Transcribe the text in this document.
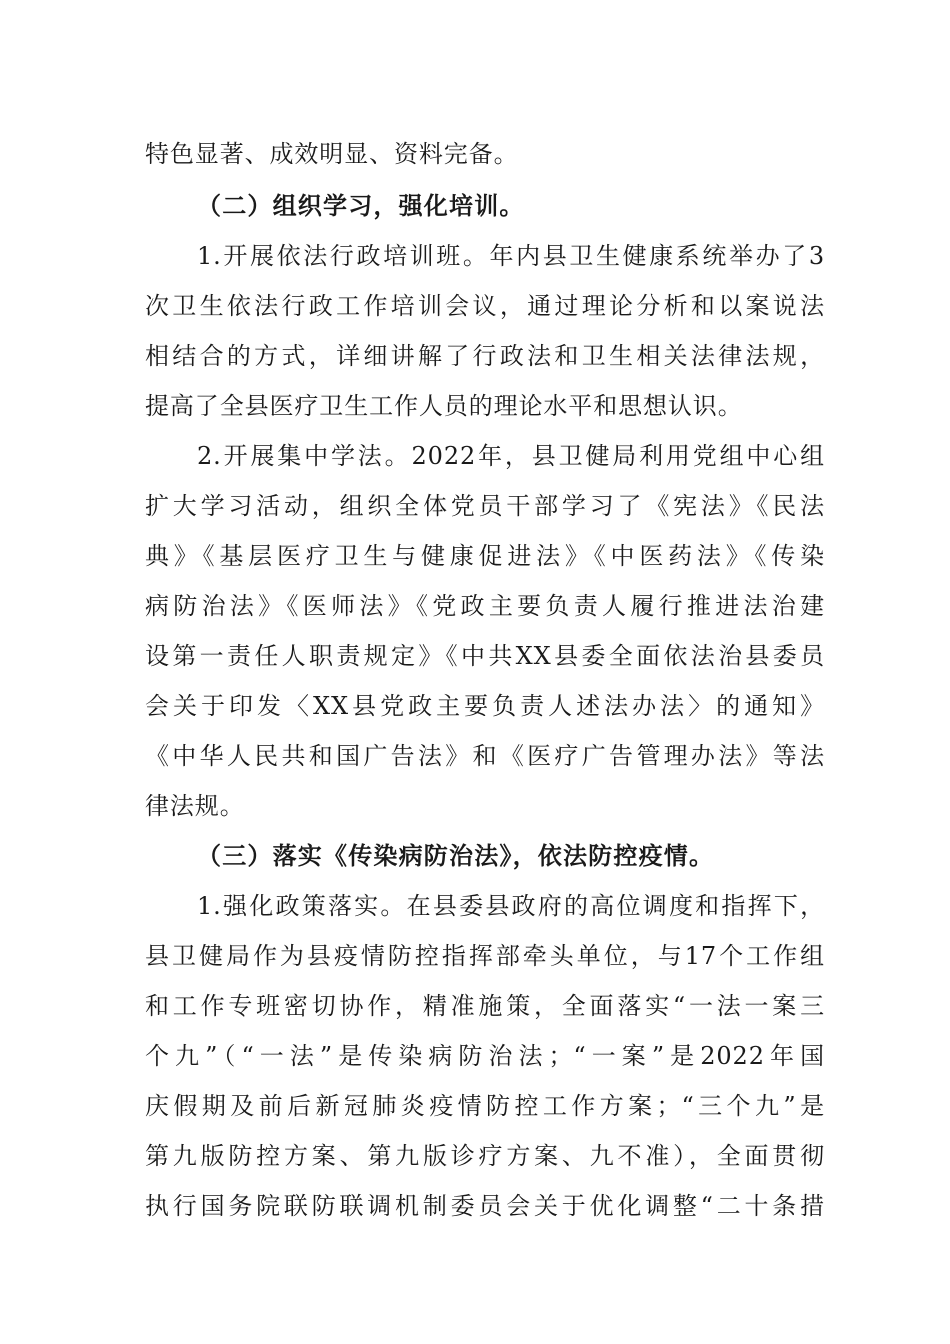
特色显著、成效明显、资料完备。
（二）组织学习，强化培训。
1.开展依法行政培训班。年内县卫生健康系统举办了3
次卫生依法行政工作培训会议，通过理论分析和以案说法
相结合的方式，详细讲解了行政法和卫生相关法律法规，
提高了全县医疗卫生工作人员的理论水平和思想认识。
2.开展集中学法。2022年，县卫健局利用党组中心组
扩大学习活动，组织全体党员干部学习了《宪法》《民法
典》《基层医疗卫生与健康促进法》《中医药法》《传染
病防治法》《医师法》《党政主要负责人履行推进法治建
设第一责任人职责规定》《中共XX县委全面依法治县委员
会关于印发〈XX县党政主要负责人述法办法〉的通知》
《中华人民共和国广告法》和《医疗广告管理办法》等法
律法规。
（三）落实《传染病防治法》，依法防控疫情。
1.强化政策落实。在县委县政府的高位调度和指挥下，
县卫健局作为县疫情防控指挥部牵头单位，与17个工作组
和工作专班密切协作，精准施策，全面落实“一法一案三
个九”（“一法”是传染病防治法；“一案”是2022年国
庆假期及前后新冠肺炎疫情防控工作方案；“三个九”是
第九版防控方案、第九版诊疗方案、九不准），全面贯彻
执行国务院联防联调机制委员会关于优化调整“二十条措
